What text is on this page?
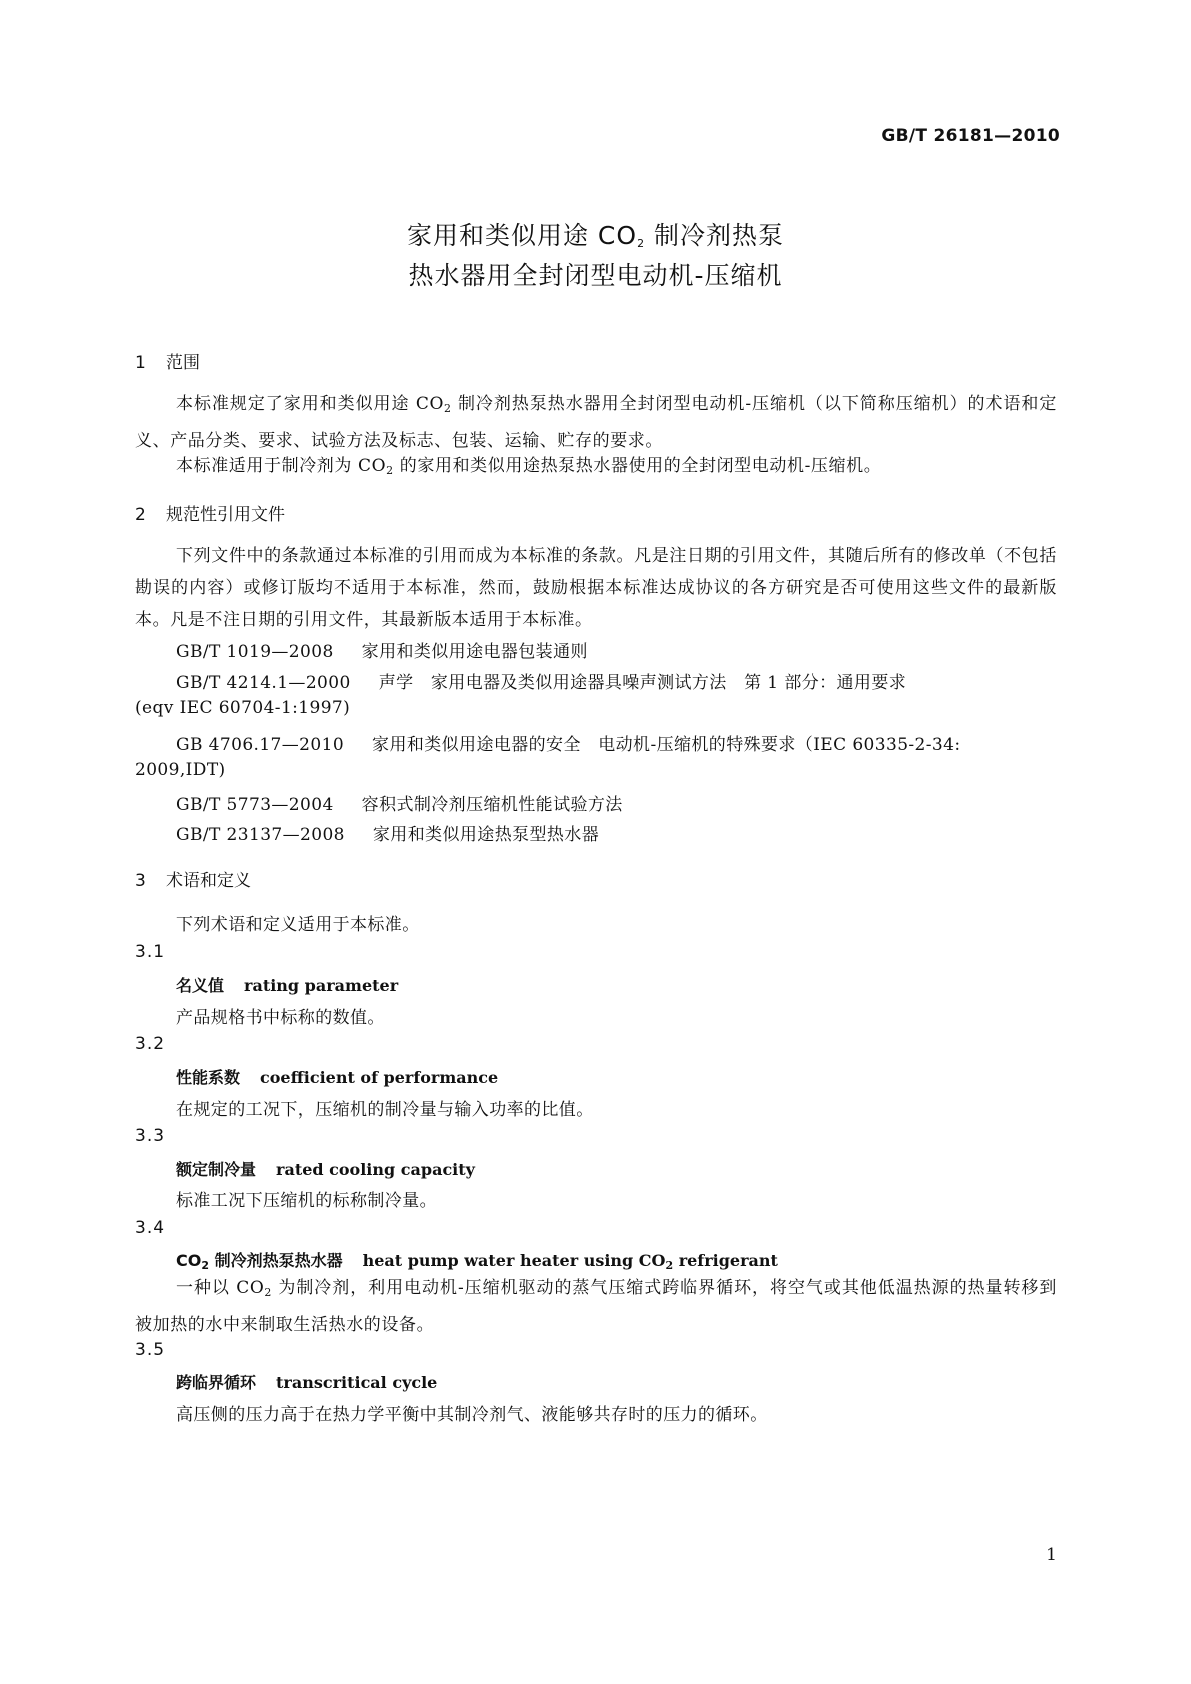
GB/T 26181—2010
家用和类似用途 $CO_2$ 制冷剂热泵
热水器用全封闭型电动机-压缩机
1 范围
本标准规定了家用和类似用途 $CO_2$ 制冷剂热泵热水器用全封闭型电动机-压缩机（以下简称压缩机）的术语和定义、产品分类、要求、试验方法及标志、包装、运输、贮存的要求。
本标准适用于制冷剂为 $CO_2$ 的家用和类似用途热泵热水器使用的全封闭型电动机-压缩机。
2 规范性引用文件
下列文件中的条款通过本标准的引用而成为本标准的条款。凡是注日期的引用文件，其随后所有的修改单（不包括勘误的内容）或修订版均不适用于本标准，然而，鼓励根据本标准达成协议的各方研究是否可使用这些文件的最新版本。凡是不注日期的引用文件，其最新版本适用于本标准。
GB/T 1019—2008 家用和类似用途电器包装通则
GB/T 4214.1—2000 声学　家用电器及类似用途器具噪声测试方法　第 1 部分：通用要求
(eqv IEC 60704-1:1997)
GB 4706.17—2010 家用和类似用途电器的安全　电动机-压缩机的特殊要求（IEC 60335-2-34:
2009,IDT)
GB/T 5773—2004 容积式制冷剂压缩机性能试验方法
GB/T 23137—2008 家用和类似用途热泵型热水器
3 术语和定义
下列术语和定义适用于本标准。
3.1
名义值 rating parameter
产品规格书中标称的数值。
3.2
性能系数 coefficient of performance
在规定的工况下，压缩机的制冷量与输入功率的比值。
3.3
额定制冷量 rated cooling capacity
标准工况下压缩机的标称制冷量。
3.4
$CO_2$ 制冷剂热泵热水器 heat pump water heater using $CO_2$ refrigerant
一种以 $CO_2$ 为制冷剂，利用电动机-压缩机驱动的蒸气压缩式跨临界循环，将空气或其他低温热源的热量转移到被加热的水中来制取生活热水的设备。
3.5
跨临界循环 transcritical cycle
高压侧的压力高于在热力学平衡中其制冷剂气、液能够共存时的压力的循环。
1
